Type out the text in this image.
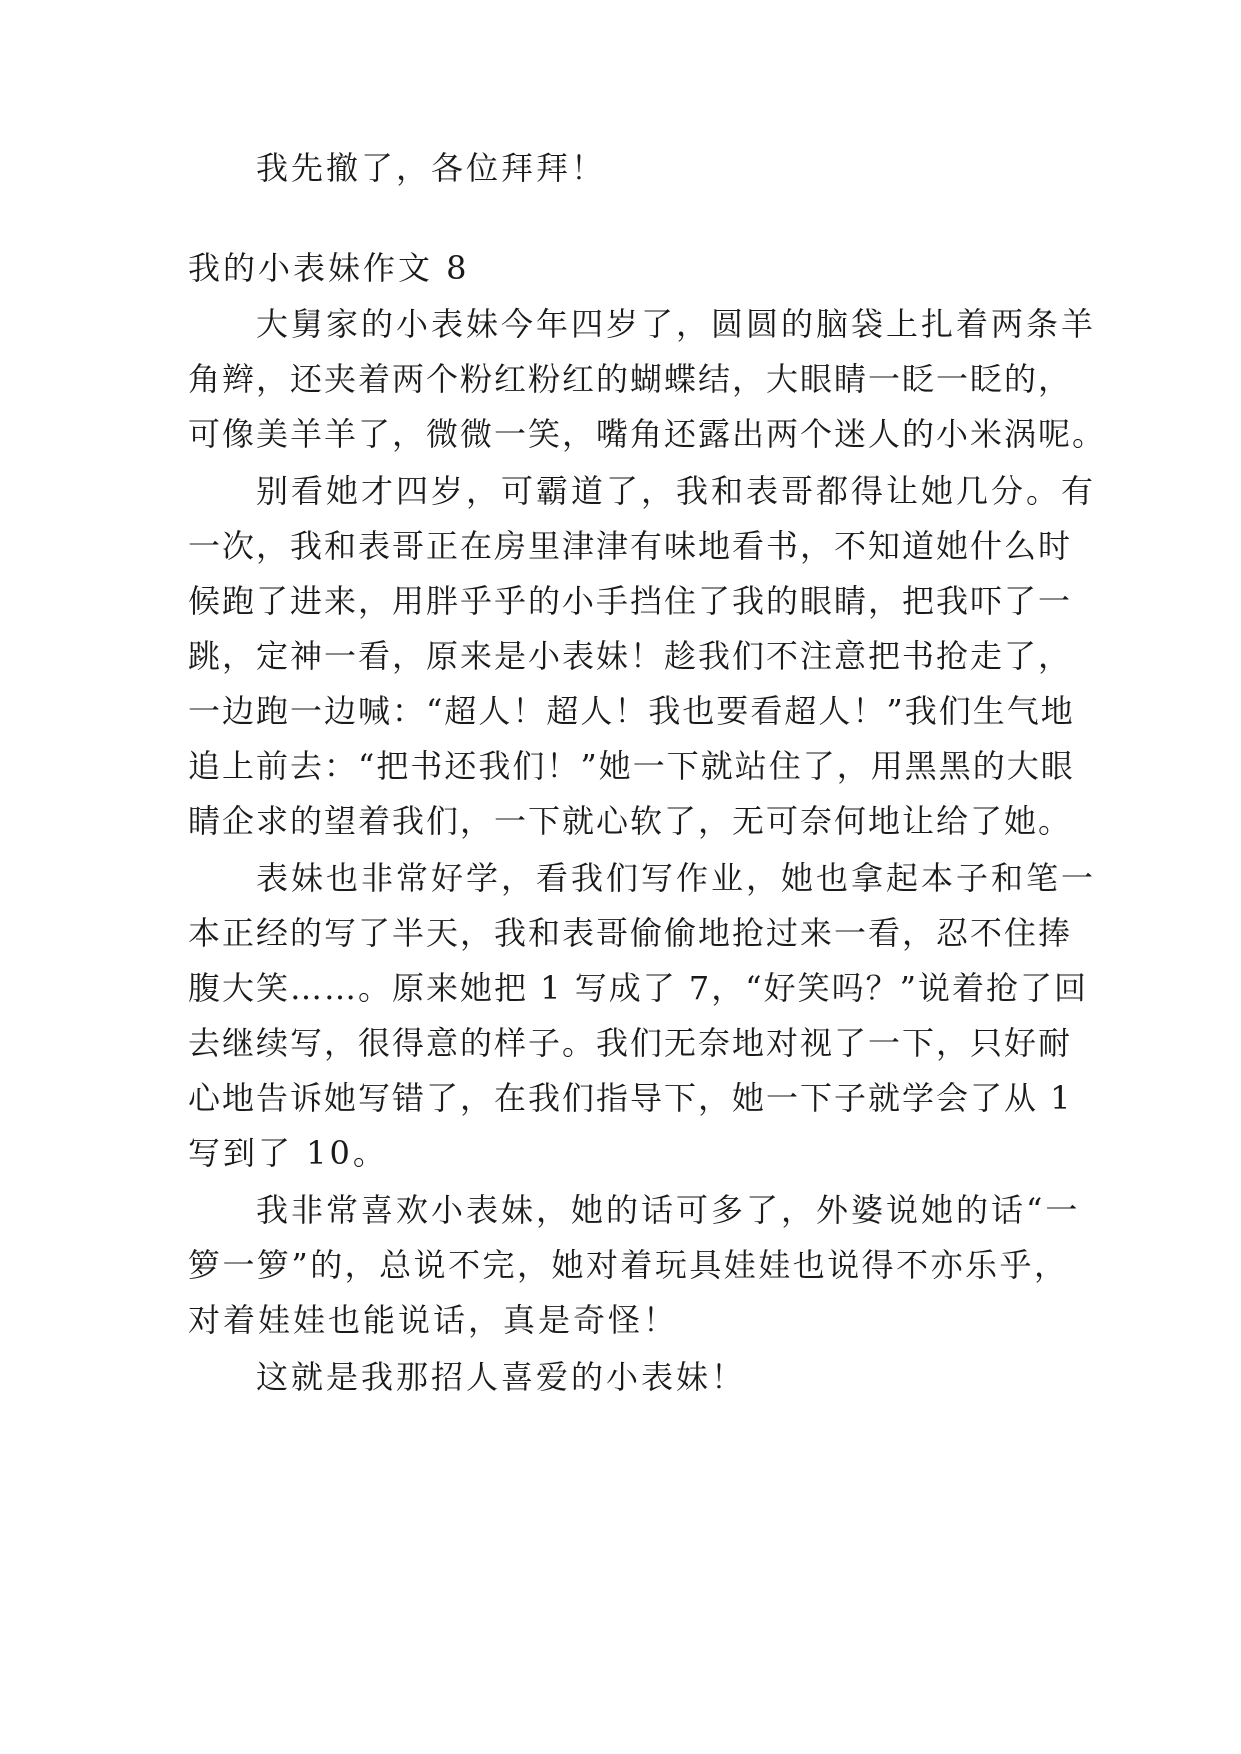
我先撤了，各位拜拜！
我的小表妹作文 8
大舅家的小表妹今年四岁了，圆圆的脑袋上扎着两条羊
角辫，还夹着两个粉红粉红的蝴蝶结，大眼睛一眨一眨的，
可像美羊羊了，微微一笑，嘴角还露出两个迷人的小米涡呢。
别看她才四岁，可霸道了，我和表哥都得让她几分。有
一次，我和表哥正在房里津津有味地看书，不知道她什么时
候跑了进来，用胖乎乎的小手挡住了我的眼睛，把我吓了一
跳，定神一看，原来是小表妹！趁我们不注意把书抢走了，
一边跑一边喊：“超人！超人！我也要看超人！”我们生气地
追上前去：“把书还我们！”她一下就站住了，用黑黑的大眼
睛企求的望着我们，一下就心软了，无可奈何地让给了她。
表妹也非常好学，看我们写作业，她也拿起本子和笔一
本正经的写了半天，我和表哥偷偷地抢过来一看，忍不住捧
腹大笑……。原来她把 1 写成了 7，“好笑吗？”说着抢了回
去继续写，很得意的样子。我们无奈地对视了一下，只好耐
心地告诉她写错了，在我们指导下，她一下子就学会了从 1
写到了 10。
我非常喜欢小表妹，她的话可多了，外婆说她的话“一
箩一箩”的，总说不完，她对着玩具娃娃也说得不亦乐乎，
对着娃娃也能说话，真是奇怪！
这就是我那招人喜爱的小表妹！
